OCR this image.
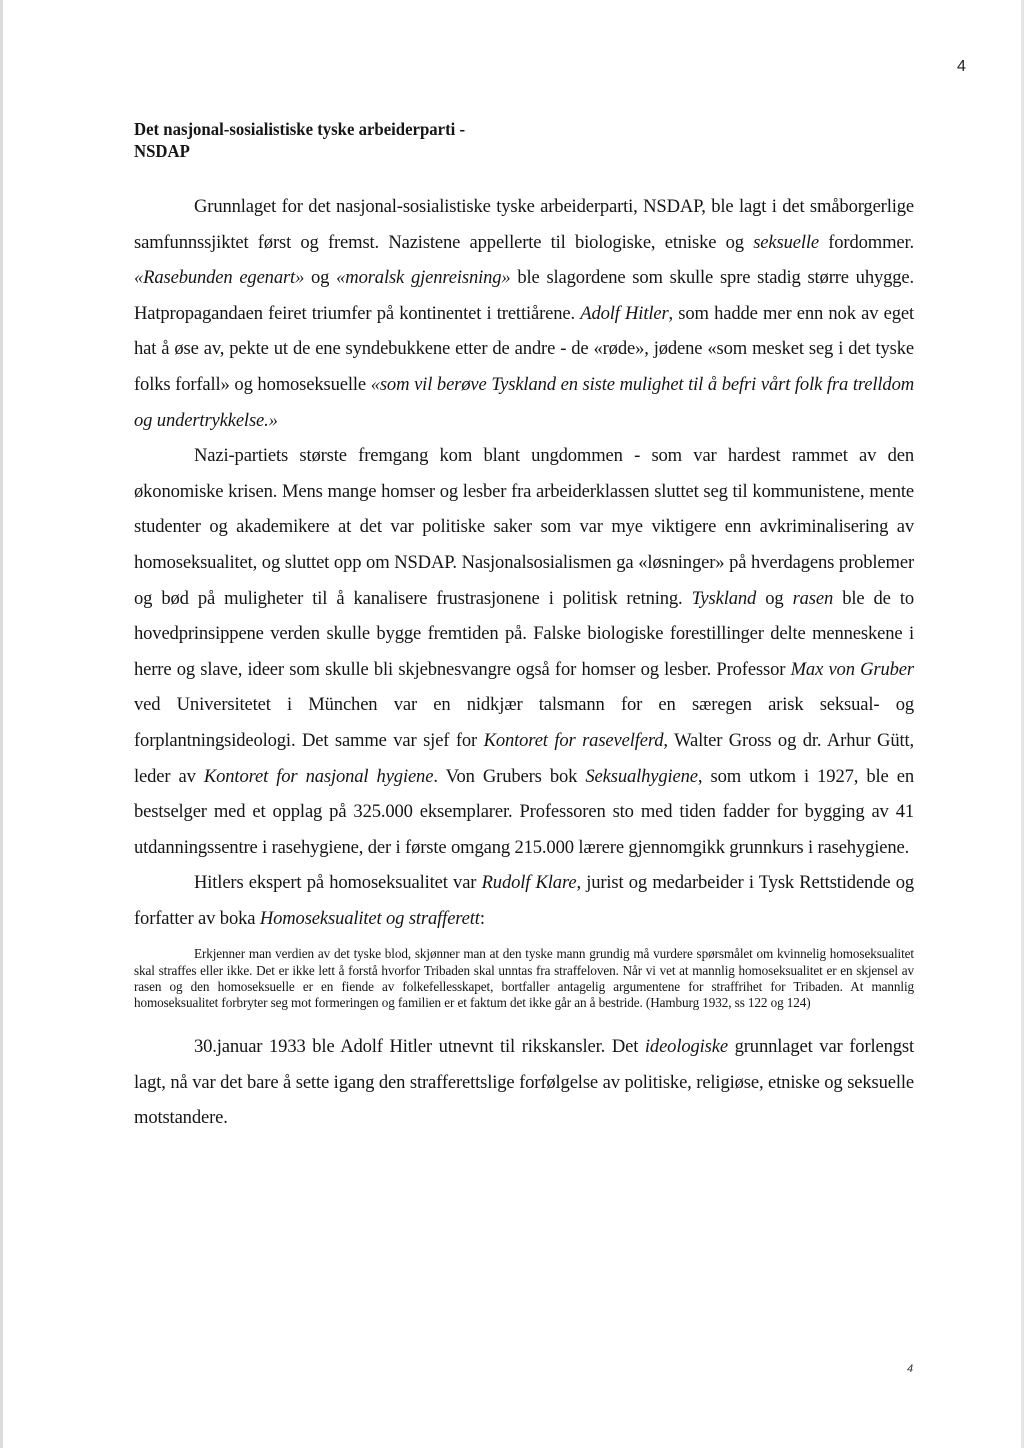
4
Det nasjonal-sosialistiske tyske arbeiderparti -
NSDAP

Grunnlaget for det nasjonal-sosialistiske tyske arbeiderparti, NSDAP, ble lagt i det småborgerlige samfunnssjiktet først og fremst. Nazistene appellerte til biologiske, etniske og seksuelle fordommer. «Rasebunden egenart» og «moralsk gjenreisning» ble slagordene som skulle spre stadig større uhygge. Hatpropagandaen feiret triumfer på kontinentet i trettiårene. Adolf Hitler, som hadde mer enn nok av eget hat å øse av, pekte ut de ene syndebukkene etter de andre - de «røde», jødene «som mesket seg i det tyske folks forfall» og homoseksuelle «som vil berøve Tyskland en siste mulighet til å befri vårt folk fra trelldom og undertrykkelse.»

Nazi-partiets største fremgang kom blant ungdommen - som var hardest rammet av den økonomiske krisen. Mens mange homser og lesber fra arbeiderklassen sluttet seg til kommunistene, mente studenter og akademikere at det var politiske saker som var mye viktigere enn avkriminalisering av homoseksualitet, og sluttet opp om NSDAP. Nasjonalsosialismen ga «løsninger» på hverdagens problemer og bød på muligheter til å kanalisere frustrasjonene i politisk retning. Tyskland og rasen ble de to hovedprinsippene verden skulle bygge fremtiden på. Falske biologiske forestillinger delte menneskene i herre og slave, ideer som skulle bli skjebnesvangre også for homser og lesber. Professor Max von Gruber ved Universitetet i München var en nidkjær talsmann for en særegen arisk seksual- og forplantningsideologi. Det samme var sjef for Kontoret for rasevelferd, Walter Gross og dr. Arhur Gütt, leder av Kontoret for nasjonal hygiene. Von Grubers bok Seksualhygiene, som utkom i 1927, ble en bestselger med et opplag på 325.000 eksemplarer. Professoren sto med tiden fadder for bygging av 41 utdanningssentre i rasehygiene, der i første omgang 215.000 lærere gjennomgikk grunnkurs i rasehygiene.

Hitlers ekspert på homoseksualitet var Rudolf Klare, jurist og medarbeider i Tysk Rettstidende og forfatter av boka Homoseksualitet og strafferett:

Erkjenner man verdien av det tyske blod, skjønner man at den tyske mann grundig må vurdere spørsmålet om kvinnelig homoseksualitet skal straffes eller ikke. Det er ikke lett å forstå hvorfor Tribaden skal unntas fra straffeloven. Når vi vet at mannlig homoseksualitet er en skjensel av rasen og den homoseksuelle er en fiende av folkefellesskapet, bortfaller antagelig argumentene for straffrihet for Tribaden. At mannlig homoseksualitet forbryter seg mot formeringen og familien er et faktum det ikke går an å bestride. (Hamburg 1932, ss 122 og 124)

30.januar 1933 ble Adolf Hitler utnevnt til rikskansler. Det ideologiske grunnlaget var forlengst lagt, nå var det bare å sette igang den strafferettslige forfølgelse av politiske, religiøse, etniske og seksuelle motstandere.

4
